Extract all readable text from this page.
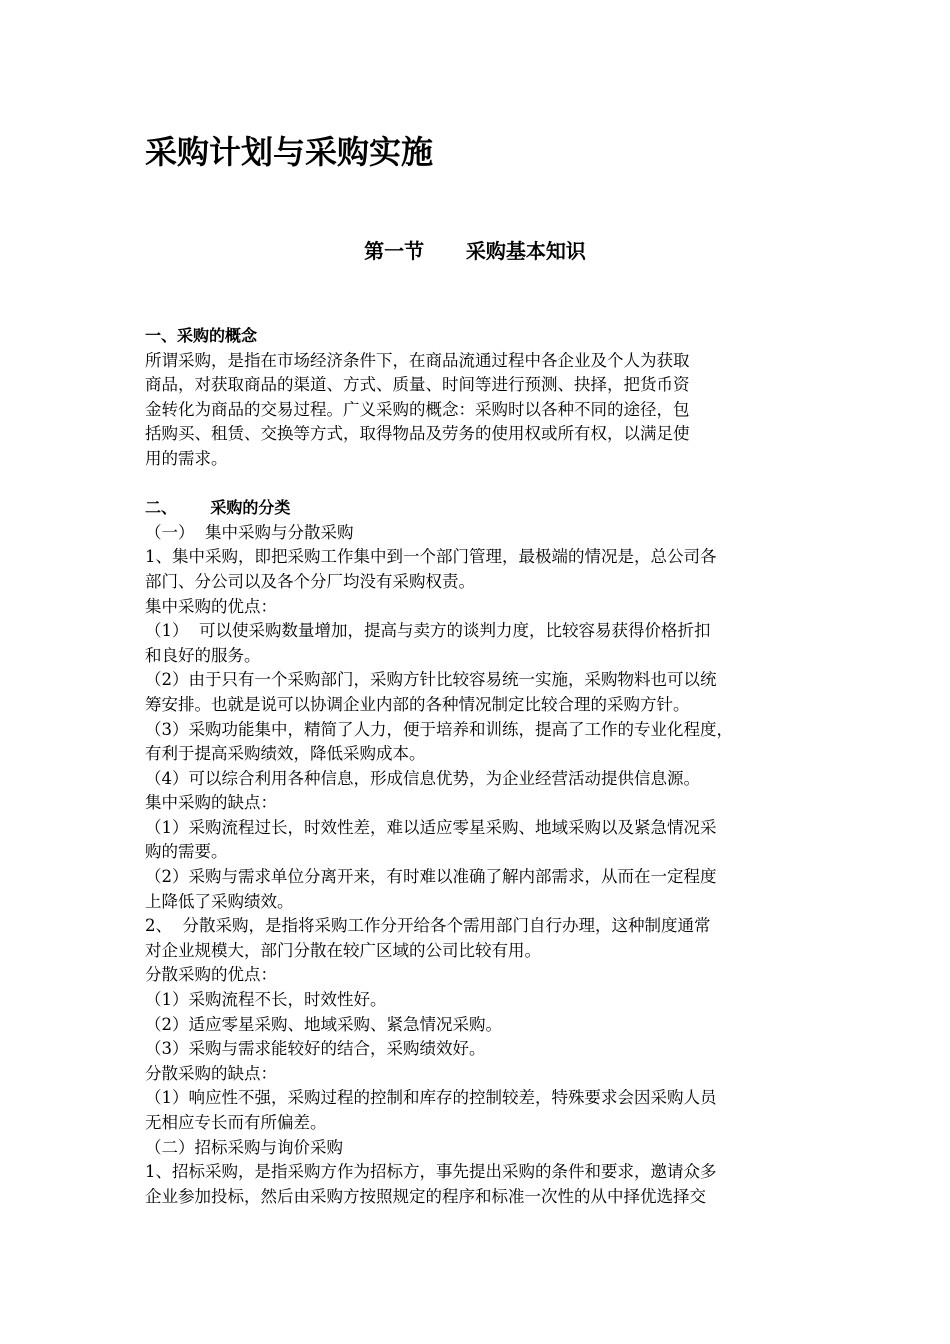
采购计划与采购实施
第一节      采购基本知识
一、采购的概念
所谓采购，是指在市场经济条件下，在商品流通过程中各企业及个人为获取
商品，对获取商品的渠道、方式、质量、时间等进行预测、抉择，把货币资
金转化为商品的交易过程。广义采购的概念：采购时以各种不同的途径，包
括购买、租赁、交换等方式，取得物品及劳务的使用权或所有权，以满足使
用的需求。
二、      采购的分类
（一）  集中采购与分散采购
1、集中采购，即把采购工作集中到一个部门管理，最极端的情况是，总公司各
部门、分公司以及各个分厂均没有采购权责。
集中采购的优点：
（1）  可以使采购数量增加，提高与卖方的谈判力度，比较容易获得价格折扣
和良好的服务。
（2）由于只有一个采购部门，采购方针比较容易统一实施，采购物料也可以统
筹安排。也就是说可以协调企业内部的各种情况制定比较合理的采购方针。
（3）采购功能集中，精简了人力，便于培养和训练，提高了工作的专业化程度，
有利于提高采购绩效，降低采购成本。
（4）可以综合利用各种信息，形成信息优势，为企业经营活动提供信息源。
集中采购的缺点：
（1）采购流程过长，时效性差，难以适应零星采购、地域采购以及紧急情况采
购的需要。
（2）采购与需求单位分离开来，有时难以准确了解内部需求，从而在一定程度
上降低了采购绩效。
2、  分散采购，是指将采购工作分开给各个需用部门自行办理，这种制度通常
对企业规模大，部门分散在较广区域的公司比较有用。
分散采购的优点：
（1）采购流程不长，时效性好。
（2）适应零星采购、地域采购、紧急情况采购。
（3）采购与需求能较好的结合，采购绩效好。
分散采购的缺点：
（1）响应性不强，采购过程的控制和库存的控制较差，特殊要求会因采购人员
无相应专长而有所偏差。
（二）招标采购与询价采购
1、招标采购，是指采购方作为招标方，事先提出采购的条件和要求，邀请众多
企业参加投标，然后由采购方按照规定的程序和标准一次性的从中择优选择交
